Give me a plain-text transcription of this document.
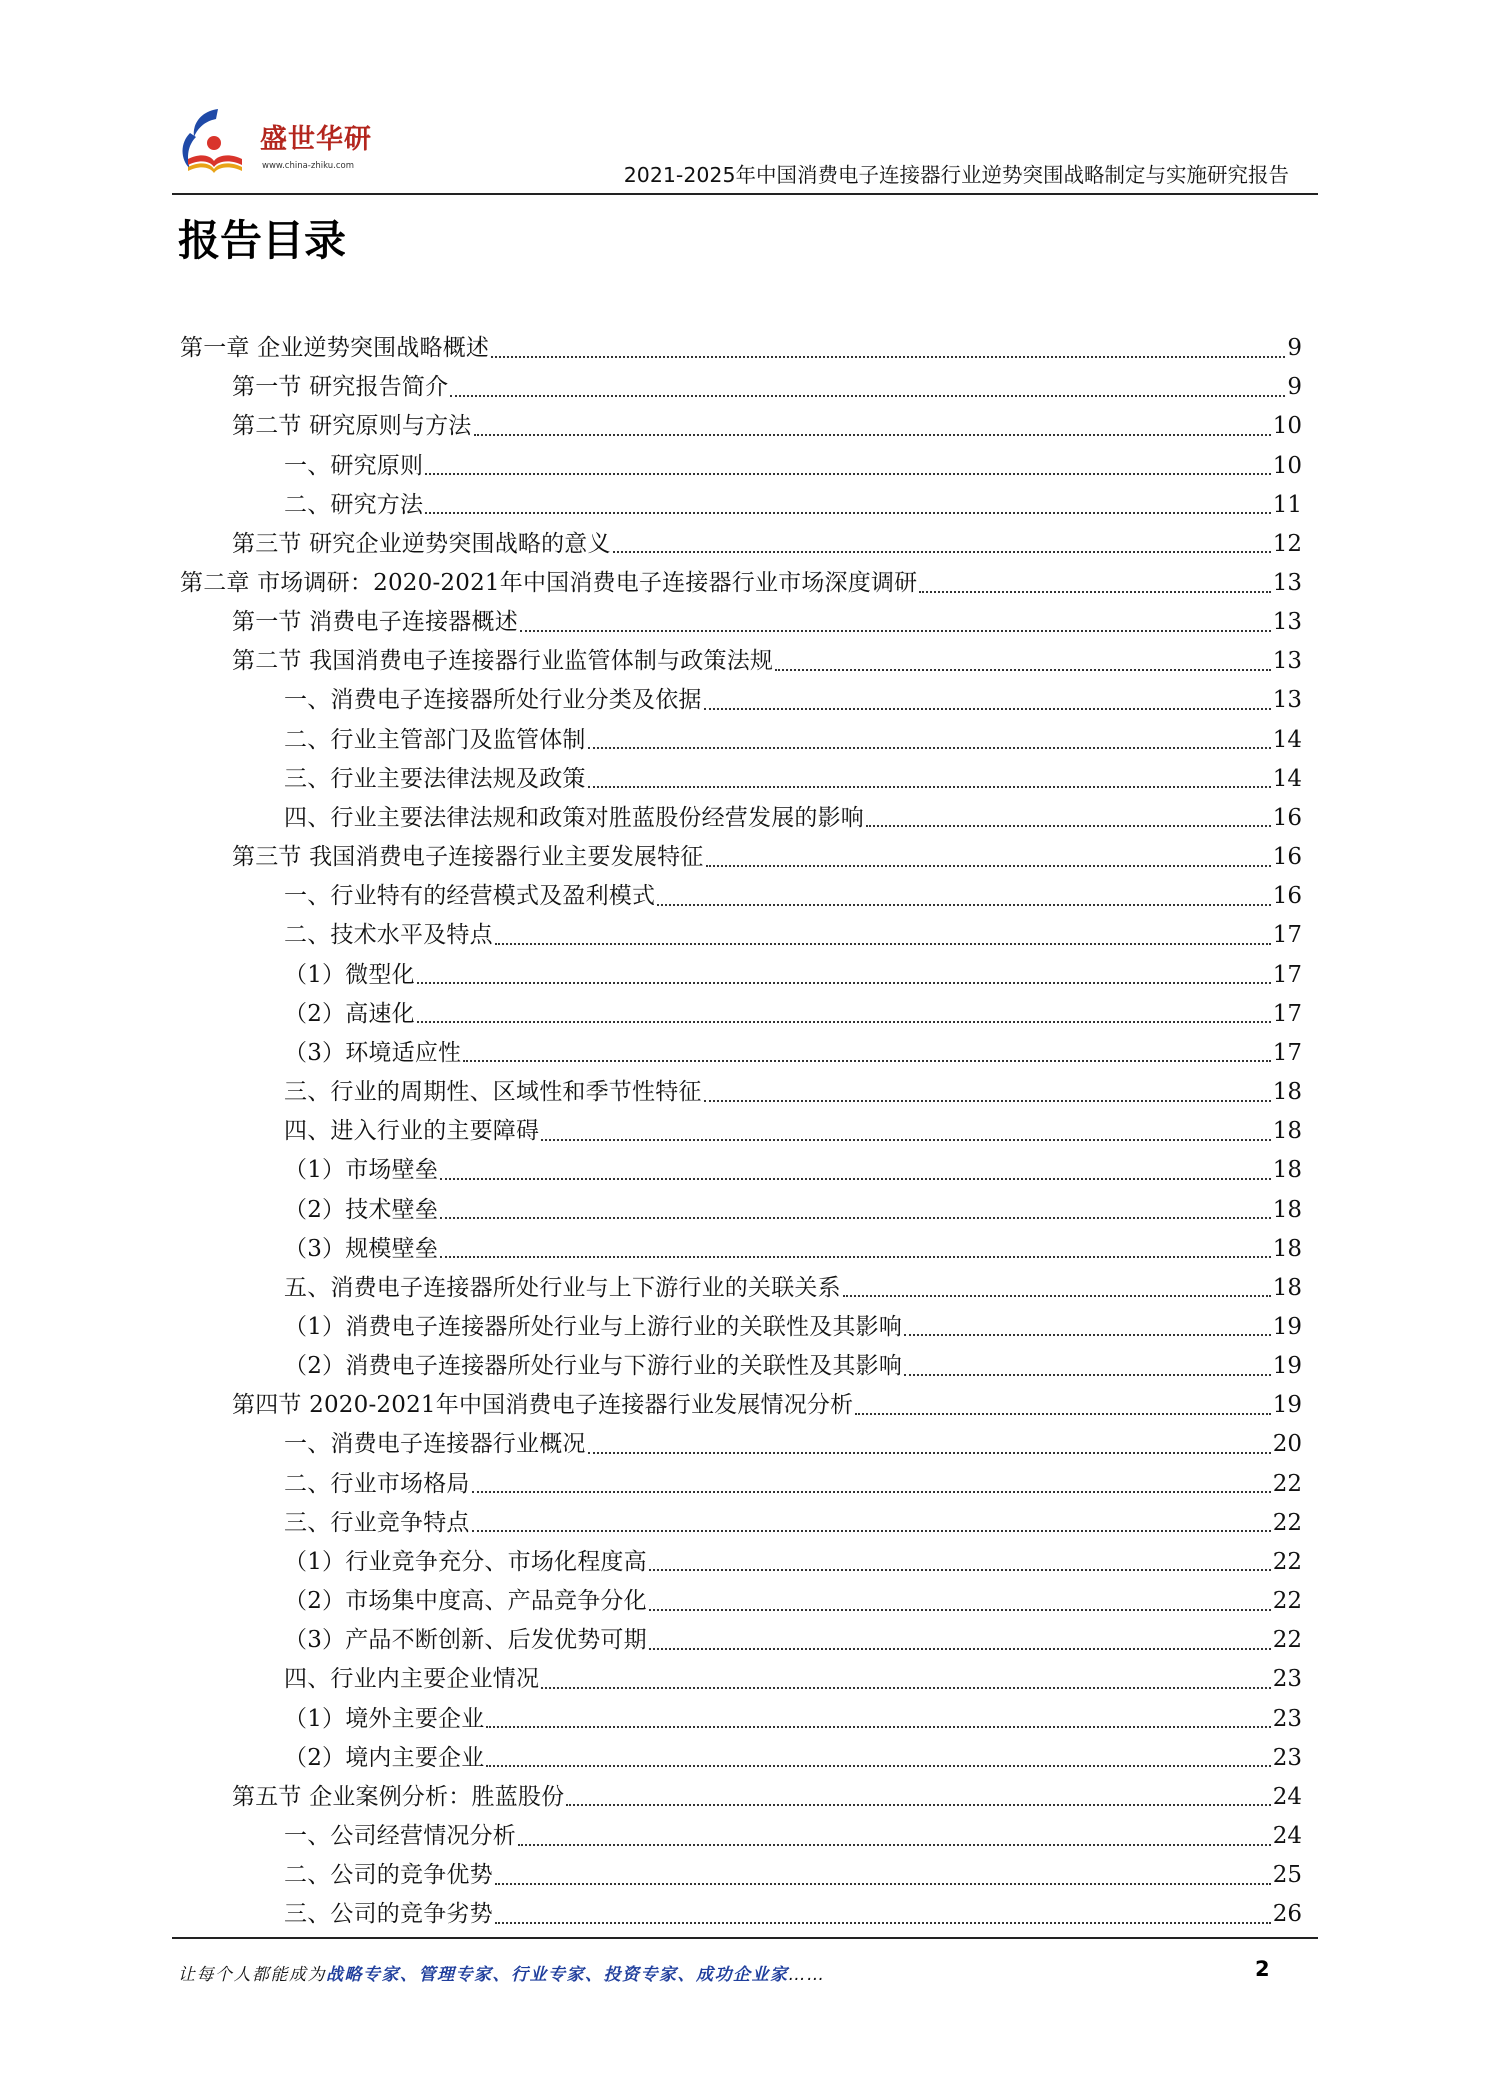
盛世华研
www.china-zhiku.com	2021-2025年中国消费电子连接器行业逆势突围战略制定与实施研究报告
报告目录
第一章 企业逆势突围战略概述	9
第一节 研究报告简介	9
第二节 研究原则与方法	10
一、研究原则	10
二、研究方法	11
第三节 研究企业逆势突围战略的意义	12
第二章 市场调研：2020-2021年中国消费电子连接器行业市场深度调研	13
第一节 消费电子连接器概述	13
第二节 我国消费电子连接器行业监管体制与政策法规	13
一、消费电子连接器所处行业分类及依据	13
二、行业主管部门及监管体制	14
三、行业主要法律法规及政策	14
四、行业主要法律法规和政策对胜蓝股份经营发展的影响	16
第三节 我国消费电子连接器行业主要发展特征	16
一、行业特有的经营模式及盈利模式	16
二、技术水平及特点	17
（1）微型化	17
（2）高速化	17
（3）环境适应性	17
三、行业的周期性、区域性和季节性特征	18
四、进入行业的主要障碍	18
（1）市场壁垒	18
（2）技术壁垒	18
（3）规模壁垒	18
五、消费电子连接器所处行业与上下游行业的关联关系	18
（1）消费电子连接器所处行业与上游行业的关联性及其影响	19
（2）消费电子连接器所处行业与下游行业的关联性及其影响	19
第四节 2020-2021年中国消费电子连接器行业发展情况分析	19
一、消费电子连接器行业概况	20
二、行业市场格局	22
三、行业竞争特点	22
（1）行业竞争充分、市场化程度高	22
（2）市场集中度高、产品竞争分化	22
（3）产品不断创新、后发优势可期	22
四、行业内主要企业情况	23
（1）境外主要企业	23
（2）境内主要企业	23
第五节 企业案例分析：胜蓝股份	24
一、公司经营情况分析	24
二、公司的竞争优势	25
三、公司的竞争劣势	26
让每个人都能成为战略专家、管理专家、行业专家、投资专家、成功企业家……	2
